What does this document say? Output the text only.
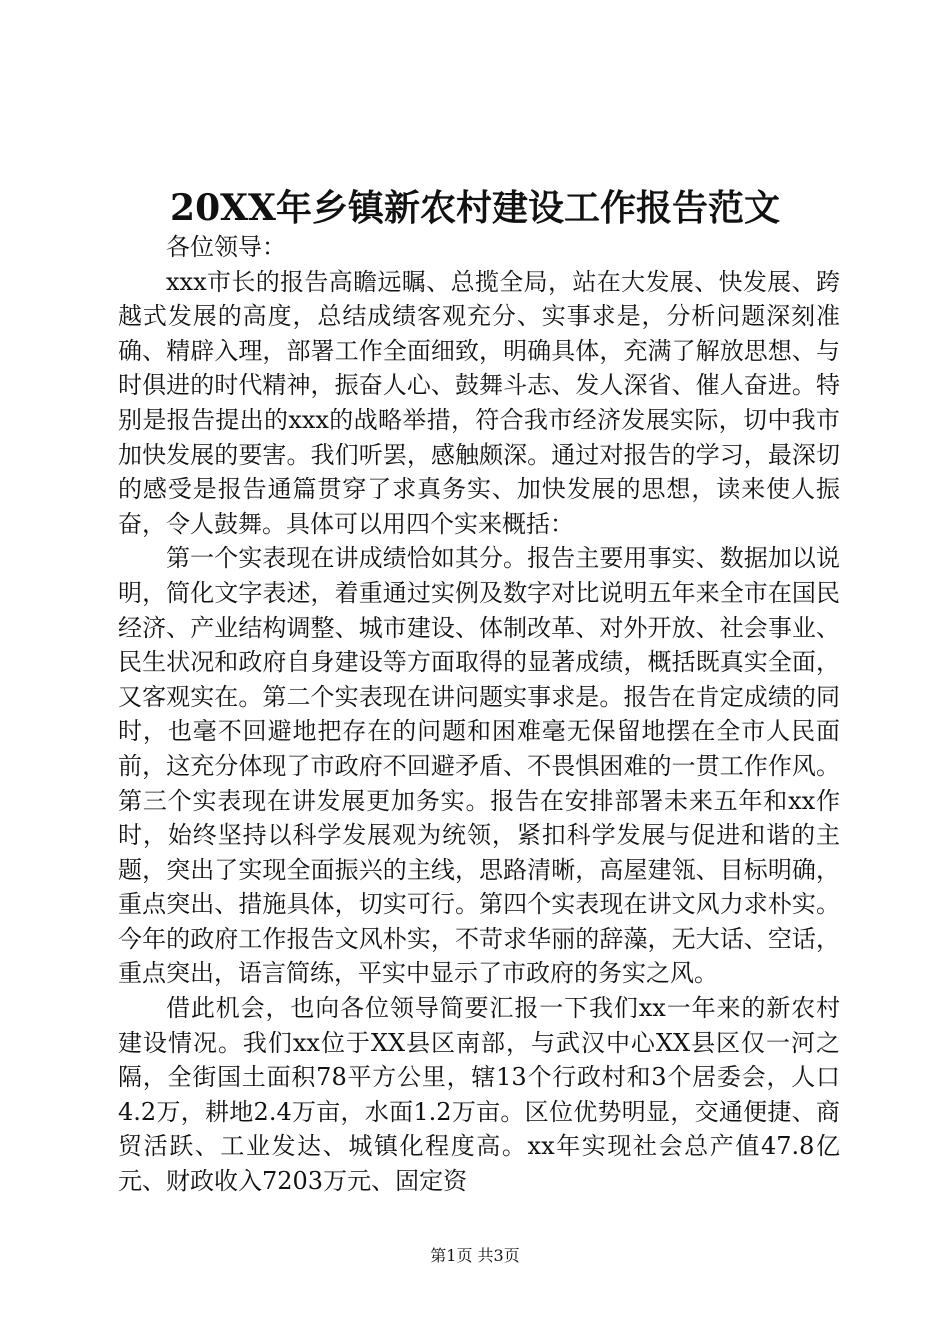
20XX年乡镇新农村建设工作报告范文

各位领导：

xxx市长的报告高瞻远瞩、总揽全局，站在大发展、快发展、跨越式发展的高度，总结成绩客观充分、实事求是，分析问题深刻准确、精辟入理，部署工作全面细致，明确具体，充满了解放思想、与时俱进的时代精神，振奋人心、鼓舞斗志、发人深省、催人奋进。特别是报告提出的xxx的战略举措，符合我市经济发展实际，切中我市加快发展的要害。我们听罢，感触颇深。通过对报告的学习，最深切的感受是报告通篇贯穿了求真务实、加快发展的思想，读来使人振奋，令人鼓舞。具体可以用四个实来概括：

第一个实表现在讲成绩恰如其分。报告主要用事实、数据加以说明，简化文字表述，着重通过实例及数字对比说明五年来全市在国民经济、产业结构调整、城市建设、体制改革、对外开放、社会事业、民生状况和政府自身建设等方面取得的显著成绩，概括既真实全面，又客观实在。第二个实表现在讲问题实事求是。报告在肯定成绩的同时，也毫不回避地把存在的问题和困难毫无保留地摆在全市人民面前，这充分体现了市政府不回避矛盾、不畏惧困难的一贯工作作风。第三个实表现在讲发展更加务实。报告在安排部署未来五年和xx作时，始终坚持以科学发展观为统领，紧扣科学发展与促进和谐的主题，突出了实现全面振兴的主线，思路清晰，高屋建瓴、目标明确，重点突出、措施具体，切实可行。第四个实表现在讲文风力求朴实。今年的政府工作报告文风朴实，不苛求华丽的辞藻，无大话、空话，重点突出，语言简练，平实中显示了市政府的务实之风。

借此机会，也向各位领导简要汇报一下我们xx一年来的新农村建设情况。我们xx位于XX县区南部，与武汉中心XX县区仅一河之隔，全街国土面积78平方公里，辖13个行政村和3个居委会，人口4.2万，耕地2.4万亩，水面1.2万亩。区位优势明显，交通便捷、商贸活跃、工业发达、城镇化程度高。xx年实现社会总产值47.8亿元、财政收入7203万元、固定资

第1页 共3页
